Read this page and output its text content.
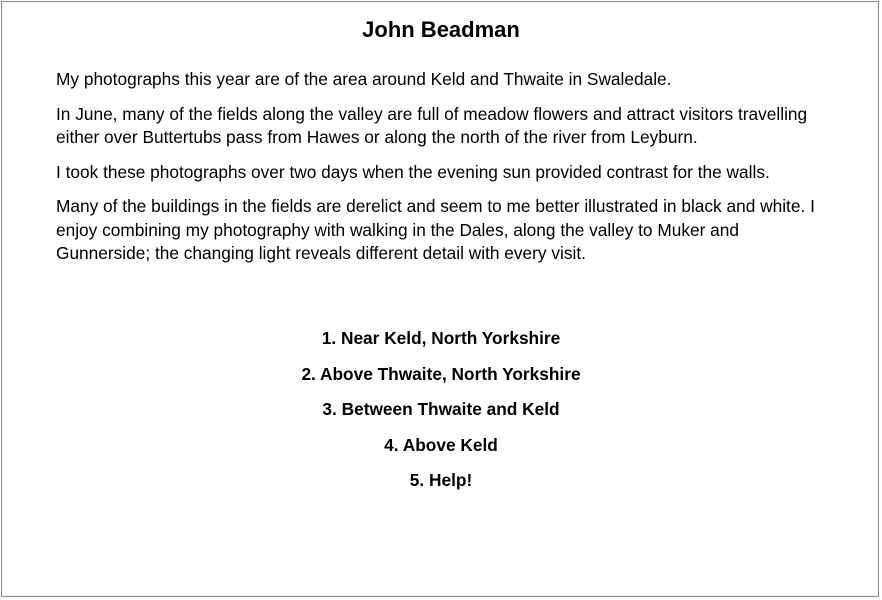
John Beadman

My photographs this year are of the area around Keld and Thwaite in Swaledale.

In June, many of the fields along the valley are full of meadow flowers and attract visitors travelling either over Buttertubs pass from Hawes or along the north of the river from Leyburn.

I took these photographs over two days when the evening sun provided contrast for the walls.

Many of the buildings in the fields are derelict and seem to me better illustrated in black and white. I enjoy combining my photography with walking in the Dales, along the valley to Muker and Gunnerside; the changing light reveals different detail with every visit.

1. Near Keld, North Yorkshire
2. Above Thwaite, North Yorkshire
3. Between Thwaite and Keld
4. Above Keld
5. Help!
